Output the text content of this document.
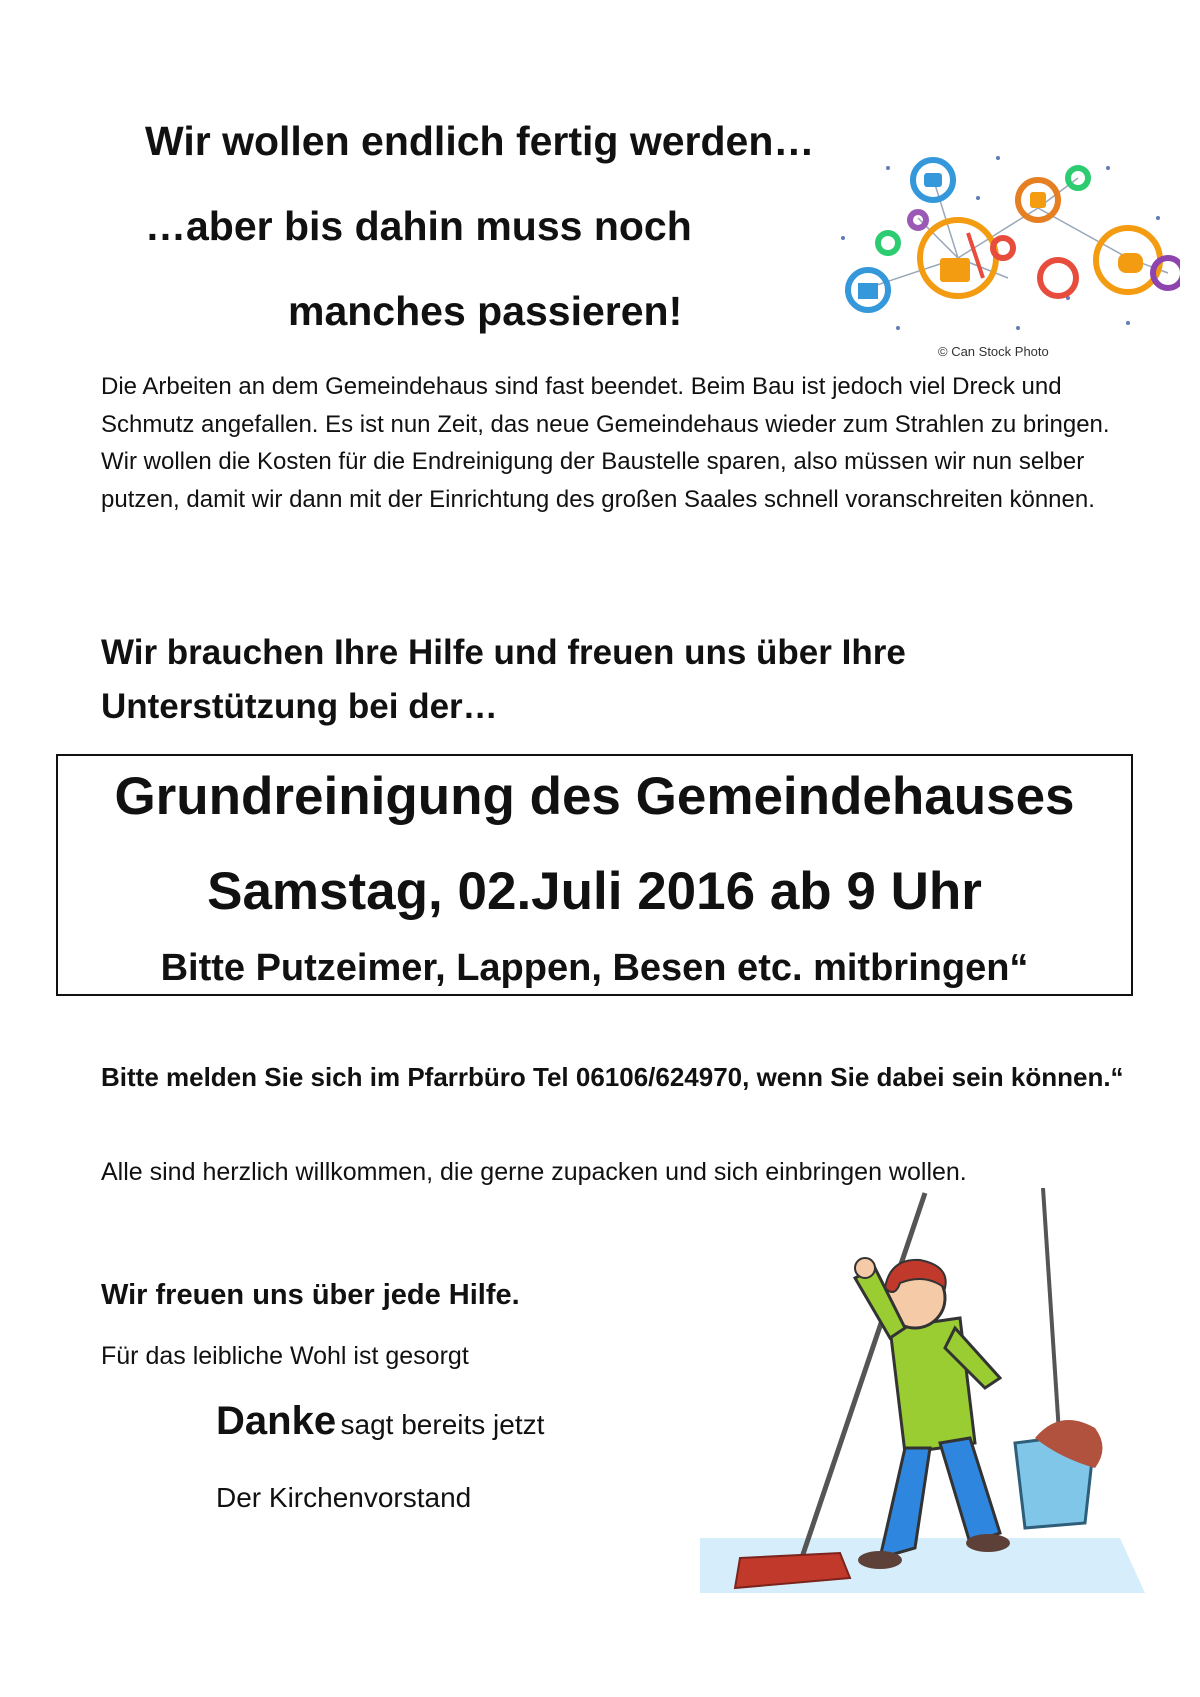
Wir wollen endlich fertig werden…
…aber bis dahin muss noch
manches passieren!
© Can Stock Photo

Die Arbeiten an dem Gemeindehaus sind fast beendet. Beim Bau ist jedoch viel Dreck und Schmutz angefallen. Es ist nun Zeit, das neue Gemeindehaus wieder zum Strahlen zu bringen. Wir wollen die Kosten für die Endreinigung der Baustelle sparen, also müssen wir nun selber putzen, damit wir dann mit der Einrichtung des großen Saales schnell voranschreiten können.

Wir brauchen Ihre Hilfe und freuen uns über Ihre Unterstützung bei der…

Grundreinigung des Gemeindehauses
Samstag, 02.Juli 2016 ab 9 Uhr
Bitte Putzeimer, Lappen, Besen etc. mitbringen“

Bitte melden Sie sich im Pfarrbüro Tel 06106/624970, wenn Sie dabei sein können.“

Alle sind herzlich willkommen, die gerne zupacken und sich einbringen wollen.
Wir freuen uns über jede Hilfe.
Für das leibliche Wohl ist gesorgt
Danke sagt bereits jetzt
Der Kirchenvorstand
